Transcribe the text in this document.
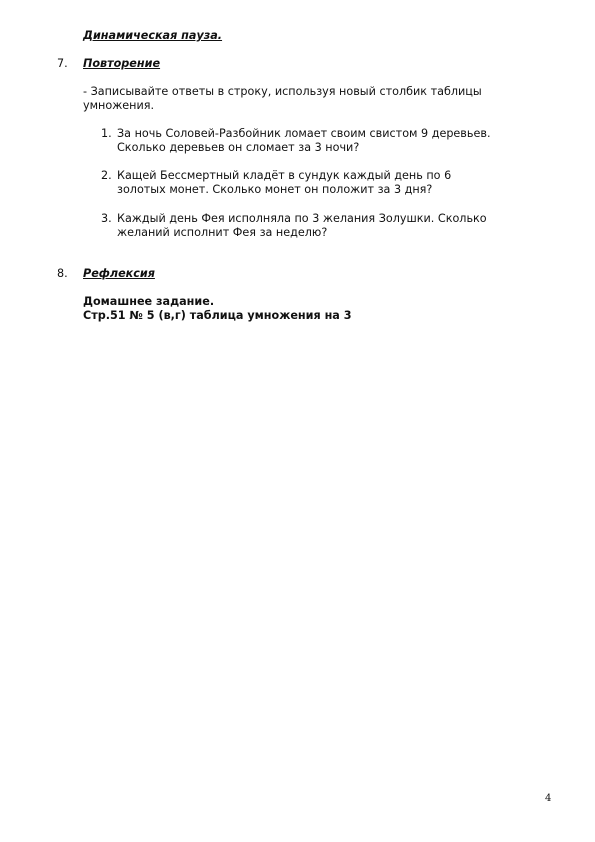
Динамическая пауза.
7.	Повторение
- Записывайте ответы в строку, используя новый столбик таблицы умножения.
1. За ночь Соловей-Разбойник ломает своим свистом 9 деревьев. Сколько деревьев он сломает за 3 ночи?
2. Кащей Бессмертный кладёт в сундук каждый день по 6 золотых монет. Сколько монет он положит за 3 дня?
3. Каждый день Фея исполняла по 3 желания Золушки. Сколько желаний исполнит Фея за неделю?
8.	Рефлексия
Домашнее задание.
Стр.51 № 5 (в,г) таблица умножения на 3
4
